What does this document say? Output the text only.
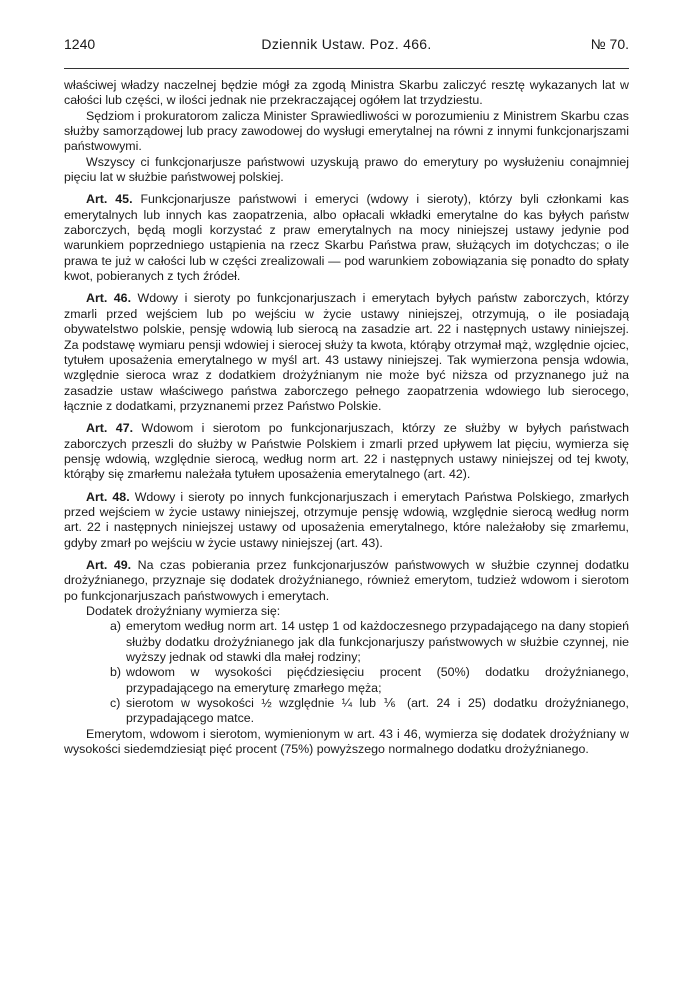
1240	Dziennik Ustaw. Poz. 466.	№ 70.

właściwej władzy naczelnej będzie mógł za zgodą Ministra Skarbu zaliczyć resztę wykazanych lat w całości lub części, w ilości jednak nie przekraczającej ogółem lat trzydziestu.

Sędziom i prokuratorom zalicza Minister Sprawiedliwości w porozumieniu z Ministrem Skarbu czas służby samorządowej lub pracy zawodowej do wysługi emerytalnej na równi z innymi funkcjonarjszami państwowymi.

Wszyscy ci funkcjonarjusze państwowi uzyskują prawo do emerytury po wysłużeniu conajmniej pięciu lat w służbie państwowej polskiej.

Art. 45. Funkcjonarjusze państwowi i emeryci (wdowy i sieroty), którzy byli członkami kas emerytalnych lub innych kas zaopatrzenia, albo opłacali wkładki emerytalne do kas byłych państw zaborczych, będą mogli korzystać z praw emerytalnych na mocy niniejszej ustawy jedynie pod warunkiem poprzedniego ustąpienia na rzecz Skarbu Państwa praw, służących im dotychczas; o ile prawa te już w całości lub w części zrealizowali — pod warunkiem zobowiązania się ponadto do spłaty kwot, pobieranych z tych źródeł.

Art. 46. Wdowy i sieroty po funkcjonarjuszach i emerytach byłych państw zaborczych, którzy zmarli przed wejściem lub po wejściu w życie ustawy niniejszej, otrzymują, o ile posiadają obywatelstwo polskie, pensję wdowią lub sierocą na zasadzie art. 22 i następnych ustawy niniejszej. Za podstawę wymiaru pensji wdowiej i sierocej służy ta kwota, którąby otrzymał mąż, względnie ojciec, tytułem uposażenia emerytalnego w myśl art. 43 ustawy niniejszej. Tak wymierzona pensja wdowia, względnie sieroca wraz z dodatkiem drożyźnianym nie może być niższa od przyznanego już na zasadzie ustaw właściwego państwa zaborczego pełnego zaopatrzenia wdowiego lub sierocego, łącznie z dodatkami, przyznanemi przez Państwo Polskie.

Art. 47. Wdowom i sierotom po funkcjonarjuszach, którzy ze służby w byłych państwach zaborczych przeszli do służby w Państwie Polskiem i zmarli przed upływem lat pięciu, wymierza się pensję wdowią, względnie sierocą, według norm art. 22 i następnych ustawy niniejszej od tej kwoty, którąby się zmarłemu należała tytułem uposażenia emerytalnego (art. 42).

Art. 48. Wdowy i sieroty po innych funkcjonarjuszach i emerytach Państwa Polskiego, zmarłych przed wejściem w życie ustawy niniejszej, otrzymuje pensję wdowią, względnie sierocą według norm art. 22 i następnych niniejszej ustawy od uposażenia emerytalnego, które należałoby się zmarłemu, gdyby zmarł po wejściu w życie ustawy niniejszej (art. 43).

Art. 49. Na czas pobierania przez funkcjonarjuszów państwowych w służbie czynnej dodatku drożyźnianego, przyznaje się dodatek drożyźnianego, również emerytom, tudzież wdowom i sierotom po funkcjonarjuszach państwowych i emerytach.

Dodatek drożyźniany wymierza się:

a) emerytom według norm art. 14 ustęp 1 od każdoczesnego przypadającego na dany stopień służby dodatku drożyźnianego jak dla funkcjonarjuszy państwowych w służbie czynnej, nie wyższy jednak od stawki dla małej rodziny;
b) wdowom w wysokości pięćdziesięciu procent (50%) dodatku drożyźnianego, przypadającego na emeryturę zmarłego męża;
c) sierotom w wysokości ½ względnie ¼ lub ⅙ (art. 24 i 25) dodatku drożyźnianego, przypadającego matce.

Emerytom, wdowom i sierotom, wymienionym w art. 43 i 46, wymierza się dodatek drożyźniany w wysokości siedemdziesiąt pięć procent (75%) powyższego normalnego dodatku drożyźnianego.
